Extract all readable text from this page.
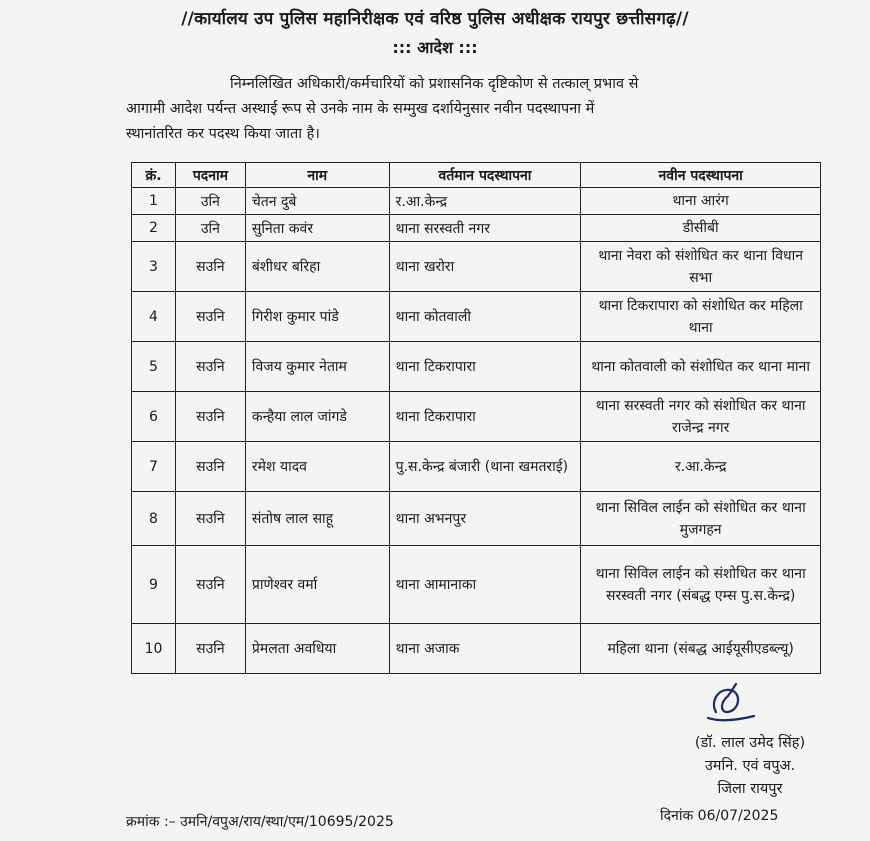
//कार्यालय उप पुलिस महानिरीक्षक एवं वरिष्ठ पुलिस अधीक्षक रायपुर छत्तीसगढ़//
::: आदेश :::
निम्नलिखित अधिकारी/कर्मचारियों को प्रशासनिक दृष्टिकोण से तत्काल् प्रभाव से
आगामी आदेश पर्यन्त अस्थाई रूप से उनके नाम के सम्मुख दर्शायेनुसार नवीन पदस्थापना में
स्थानांतरित कर पदस्थ किया जाता है।
क्रं.	पदनाम	नाम	वर्तमान पदस्थापना	नवीन पदस्थापना
1	उनि	चेतन दुबे	र.आ.केन्द्र	थाना आरंग
2	उनि	सुनिता कवंर	थाना सरस्वती नगर	डीसीबी
3	सउनि	बंशीधर बरिहा	थाना खरोरा	थाना नेवरा को संशोधित कर थाना विधान सभा
4	सउनि	गिरीश कुमार पांडे	थाना कोतवाली	थाना टिकरापारा को संशोधित कर महिला थाना
5	सउनि	विजय कुमार नेताम	थाना टिकरापारा	थाना कोतवाली को संशोधित कर थाना माना
6	सउनि	कन्हैया लाल जांगडे	थाना टिकरापारा	थाना सरस्वती नगर को संशोधित कर थाना राजेन्द्र नगर
7	सउनि	रमेश यादव	पु.स.केन्द्र बंजारी (थाना खमतराई)	र.आ.केन्द्र
8	सउनि	संतोष लाल साहू	थाना अभनपुर	थाना सिविल लाईन को संशोधित कर थाना मुजगहन
9	सउनि	प्राणेश्वर वर्मा	थाना आमानाका	थाना सिविल लाईन को संशोधित कर थाना सरस्वती नगर (संबद्ध एम्स पु.स.केन्द्र)
10	सउनि	प्रेमलता अवधिया	थाना अजाक	महिला थाना (संबद्ध आईयूसीएडब्ल्यू)
(डॉ. लाल उमेद सिंह)
उमनि. एवं वपुअ.
जिला रायपुर
क्रमांक :– उमनि/वपुअ/राय/स्था/एम/10695/2025	दिनांक 06/07/2025
